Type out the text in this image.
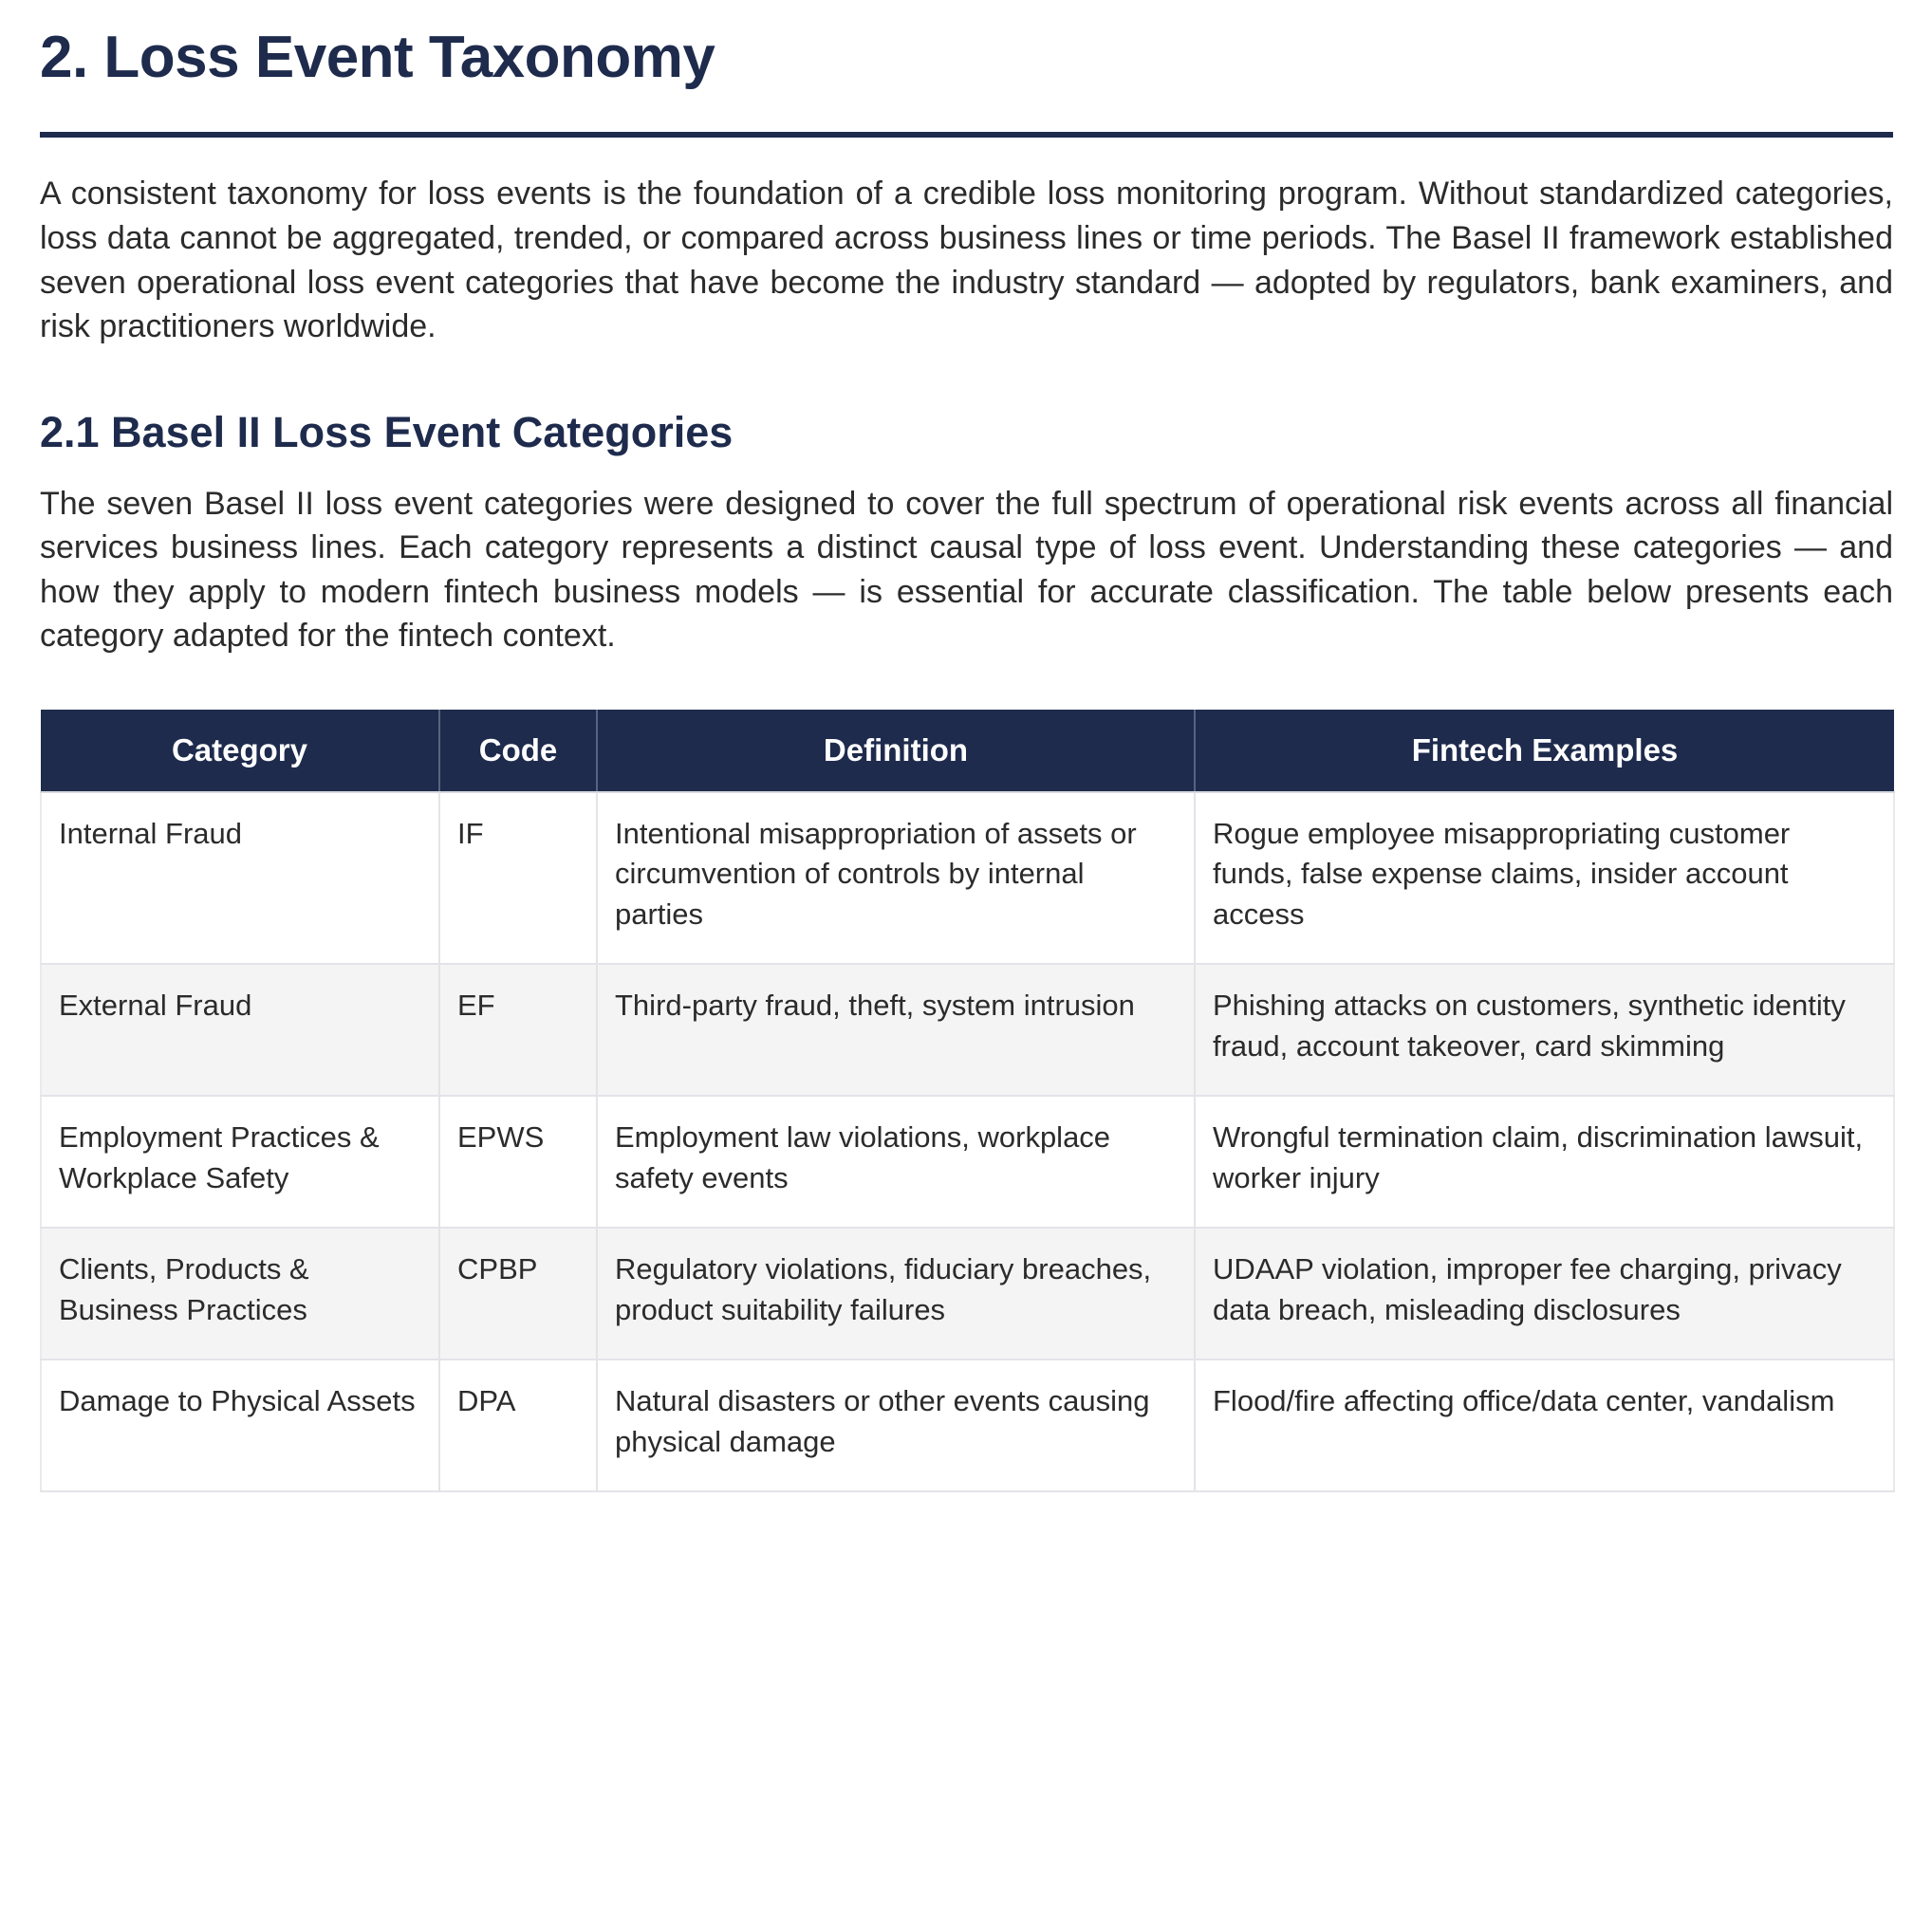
2. Loss Event Taxonomy

A consistent taxonomy for loss events is the foundation of a credible loss monitoring program. Without standardized categories, loss data cannot be aggregated, trended, or compared across business lines or time periods. The Basel II framework established seven operational loss event categories that have become the industry standard — adopted by regulators, bank examiners, and risk practitioners worldwide.

2.1 Basel II Loss Event Categories

The seven Basel II loss event categories were designed to cover the full spectrum of operational risk events across all financial services business lines. Each category represents a distinct causal type of loss event. Understanding these categories — and how they apply to modern fintech business models — is essential for accurate classification. The table below presents each category adapted for the fintech context.

Category	Code	Definition	Fintech Examples
Internal Fraud	IF	Intentional misappropriation of assets or circumvention of controls by internal parties	Rogue employee misappropriating customer funds, false expense claims, insider account access
External Fraud	EF	Third-party fraud, theft, system intrusion	Phishing attacks on customers, synthetic identity fraud, account takeover, card skimming
Employment Practices & Workplace Safety	EPWS	Employment law violations, workplace safety events	Wrongful termination claim, discrimination lawsuit, worker injury
Clients, Products & Business Practices	CPBP	Regulatory violations, fiduciary breaches, product suitability failures	UDAAP violation, improper fee charging, privacy data breach, misleading disclosures
Damage to Physical Assets	DPA	Natural disasters or other events causing physical damage	Flood/fire affecting office/data center, vandalism
